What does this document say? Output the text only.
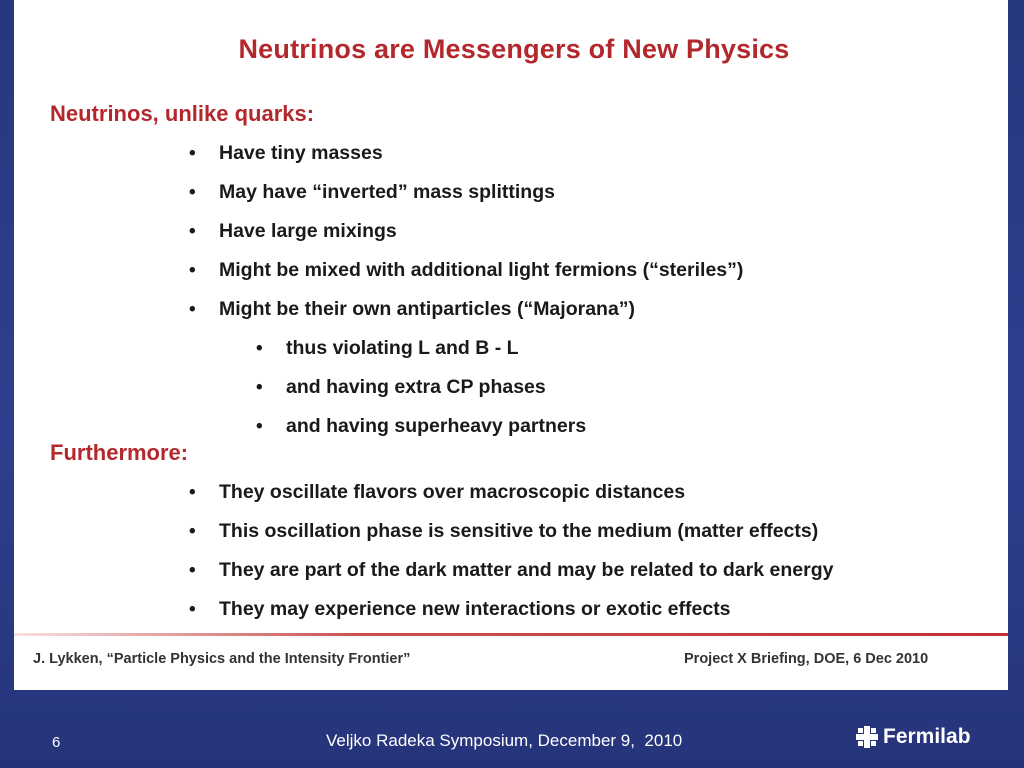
Neutrinos are Messengers of New Physics
Neutrinos, unlike quarks:
• Have tiny masses
• May have “inverted” mass splittings
• Have large mixings
• Might be mixed with additional light fermions (“steriles”)
• Might be their own antiparticles (“Majorana”)
• thus violating L and B - L
• and having extra CP phases
• and having superheavy partners
Furthermore:
• They oscillate flavors over macroscopic distances
• This oscillation phase is sensitive to the medium (matter effects)
• They are part of the dark matter and may be related to dark energy
• They may experience new interactions or exotic effects
J. Lykken, “Particle Physics and the Intensity Frontier”	Project X Briefing, DOE, 6 Dec 2010
6	Veljko Radeka Symposium, December 9,  2010	Fermilab
